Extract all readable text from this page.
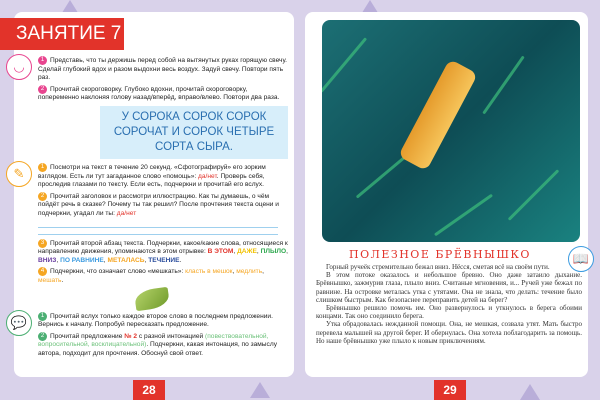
ЗАНЯТИЕ 7
◡	1 Представь, что ты держишь перед собой на вытянутых руках горящую свечу. Сделай глубокий вдох и разом выдохни весь воздух. Задуй свечу. Повтори пять раз.
2 Прочитай скороговорку. Глубоко вдохни, прочитай скороговорку, попеременно наклоняя голову назад/вперёд, вправо/влево. Повтори два раза.
У СОРОКА СОРОК СОРОК СОРОЧАТ И СОРОК ЧЕТЫРЕ СОРТА СЫРА.
✎	1 Посмотри на текст в течение 20 секунд. «Сфотографируй» его зорким взглядом. Есть ли тут загаданное слово «помощь»: да/нет. Проверь себя, проследив глазами по тексту. Если есть, подчеркни и прочитай его вслух.
2 Прочитай заголовок и рассмотри иллюстрацию. Как ты думаешь, о чём пойдёт речь в сказке? Почему ты так решил? После прочтения текста оцени и подчеркни, угадал ли ты: да/нет
3 Прочитай второй абзац текста. Подчеркни, какое/какие слова, относящиеся к направлению движения, упоминаются в этом отрывке: В ЭТОМ, ДАЖЕ, ПЛЫЛО, ВНИЗ, ПО РАВНИНЕ, МЕТАЛАСЬ, ТЕЧЕНИЕ.
4 Подчеркни, что означает слово «мешкать»: класть в мешок, медлить, мешать.
💬	1 Прочитай вслух только каждое второе слово в последнем предложении. Вернись к началу. Попробуй пересказать предложение.
2 Прочитай предложение № 2 с разной интонацией (повествовательной, вопросительной, восклицательной). Подчеркни, какая интонация, по замыслу автора, подходит для прочтения. Обоснуй свой ответ.
28
📖
ПОЛЕЗНОЕ БРЁВНЫШКО

Горный ручеёк стремительно бежал вниз. Нёсся, сметая всё на своём пути.

В этом потоке оказалось и небольшое бревно. Оно даже затаило дыхание. Брёвнышко, зажмурив глаза, плыло вниз. Считаные мгновения, и... Ручей уже бежал по равнине. На островке металась утка с утятами. Она не знала, что делать: течение было слишком быстрым. Как безопаснее переправить детей на берег?

Брёвнышко решило помочь им. Оно развернулось и уткнулось в берега обоими концами. Так оно соединило берега.

Утка обрадовалась нежданной помощи. Она, не мешкая, созвала утят. Мать быстро перевела малышей на другой берег. И обернулась. Она хотела поблагодарить за помощь. Но наше брёвнышко уже плыло к новым приключениям.

29
